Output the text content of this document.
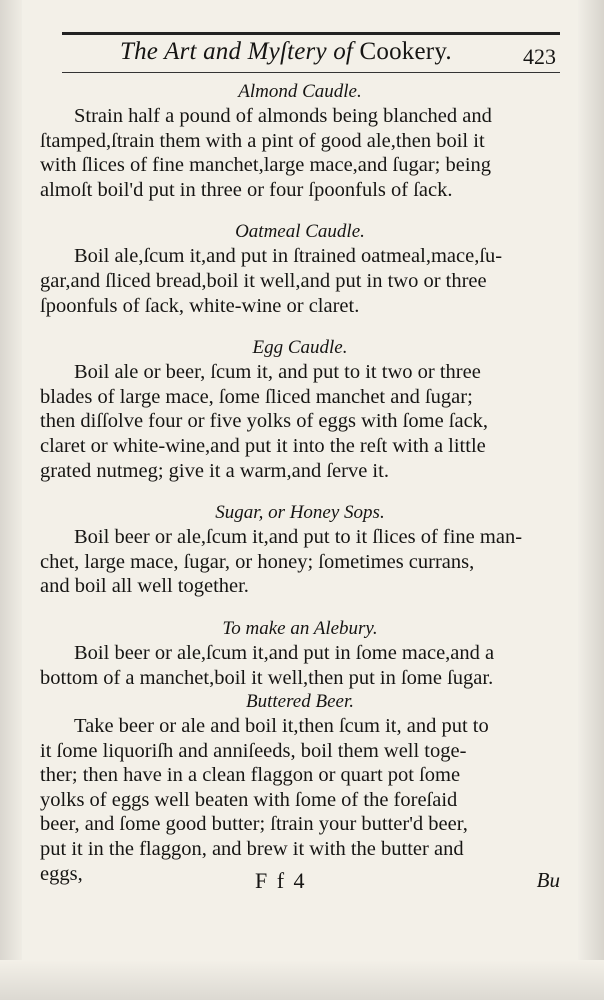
The Art and Myſtery of Cookery.	423
Almond Caudle.

Strain half a pound of almonds being blanched and
ſtamped,ſtrain them with a pint of good ale,then boil it
with ſlices of fine manchet,large mace,and ſugar; being
almoſt boil'd put in three or four ſpoonfuls of ſack.

Oatmeal Caudle.

Boil ale,ſcum it,and put in ſtrained oatmeal,mace,ſu-
gar,and ſliced bread,boil it well,and put in two or three
ſpoonfuls of ſack, white-wine or claret.

Egg Caudle.

Boil ale or beer, ſcum it, and put to it two or three
blades of large mace, ſome ſliced manchet and ſugar;
then diſſolve four or five yolks of eggs with ſome ſack,
claret or white-wine,and put it into the reſt with a little
grated nutmeg; give it a warm,and ſerve it.

Sugar, or Honey Sops.

Boil beer or ale,ſcum it,and put to it ſlices of fine man-
chet, large mace, ſugar, or honey; ſometimes currans,
and boil all well together.

To make an Alebury.

Boil beer or ale,ſcum it,and put in ſome mace,and a
bottom of a manchet,boil it well,then put in ſome ſugar.

Buttered Beer.

Take beer or ale and boil it,then ſcum it, and put to
it ſome liquoriſh and anniſeeds, boil them well toge-
ther; then have in a clean flaggon or quart pot ſome
yolks of eggs well beaten with ſome of the foreſaid
beer, and ſome good butter; ſtrain your butter'd beer,
put it in the flaggon, and brew it with the butter and
eggs,	F f 4	Bu
